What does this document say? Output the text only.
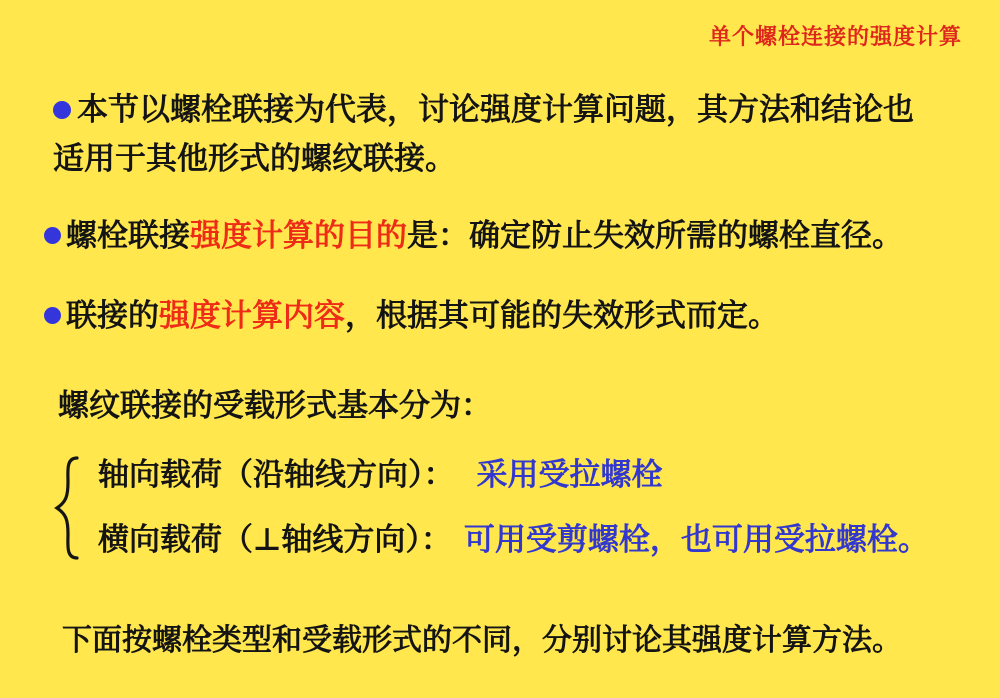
单个螺栓连接的强度计算
本节以螺栓联接为代表，讨论强度计算问题，其方法和结论也
适用于其他形式的螺纹联接。
螺栓联接强度计算的目的是：确定防止失效所需的螺栓直径。
联接的强度计算内容，根据其可能的失效形式而定。
螺纹联接的受载形式基本分为：
轴向载荷（沿轴线方向）： 采用受拉螺栓
横向载荷（⊥轴线方向）： 可用受剪螺栓，也可用受拉螺栓。
下面按螺栓类型和受载形式的不同，分别讨论其强度计算方法。
